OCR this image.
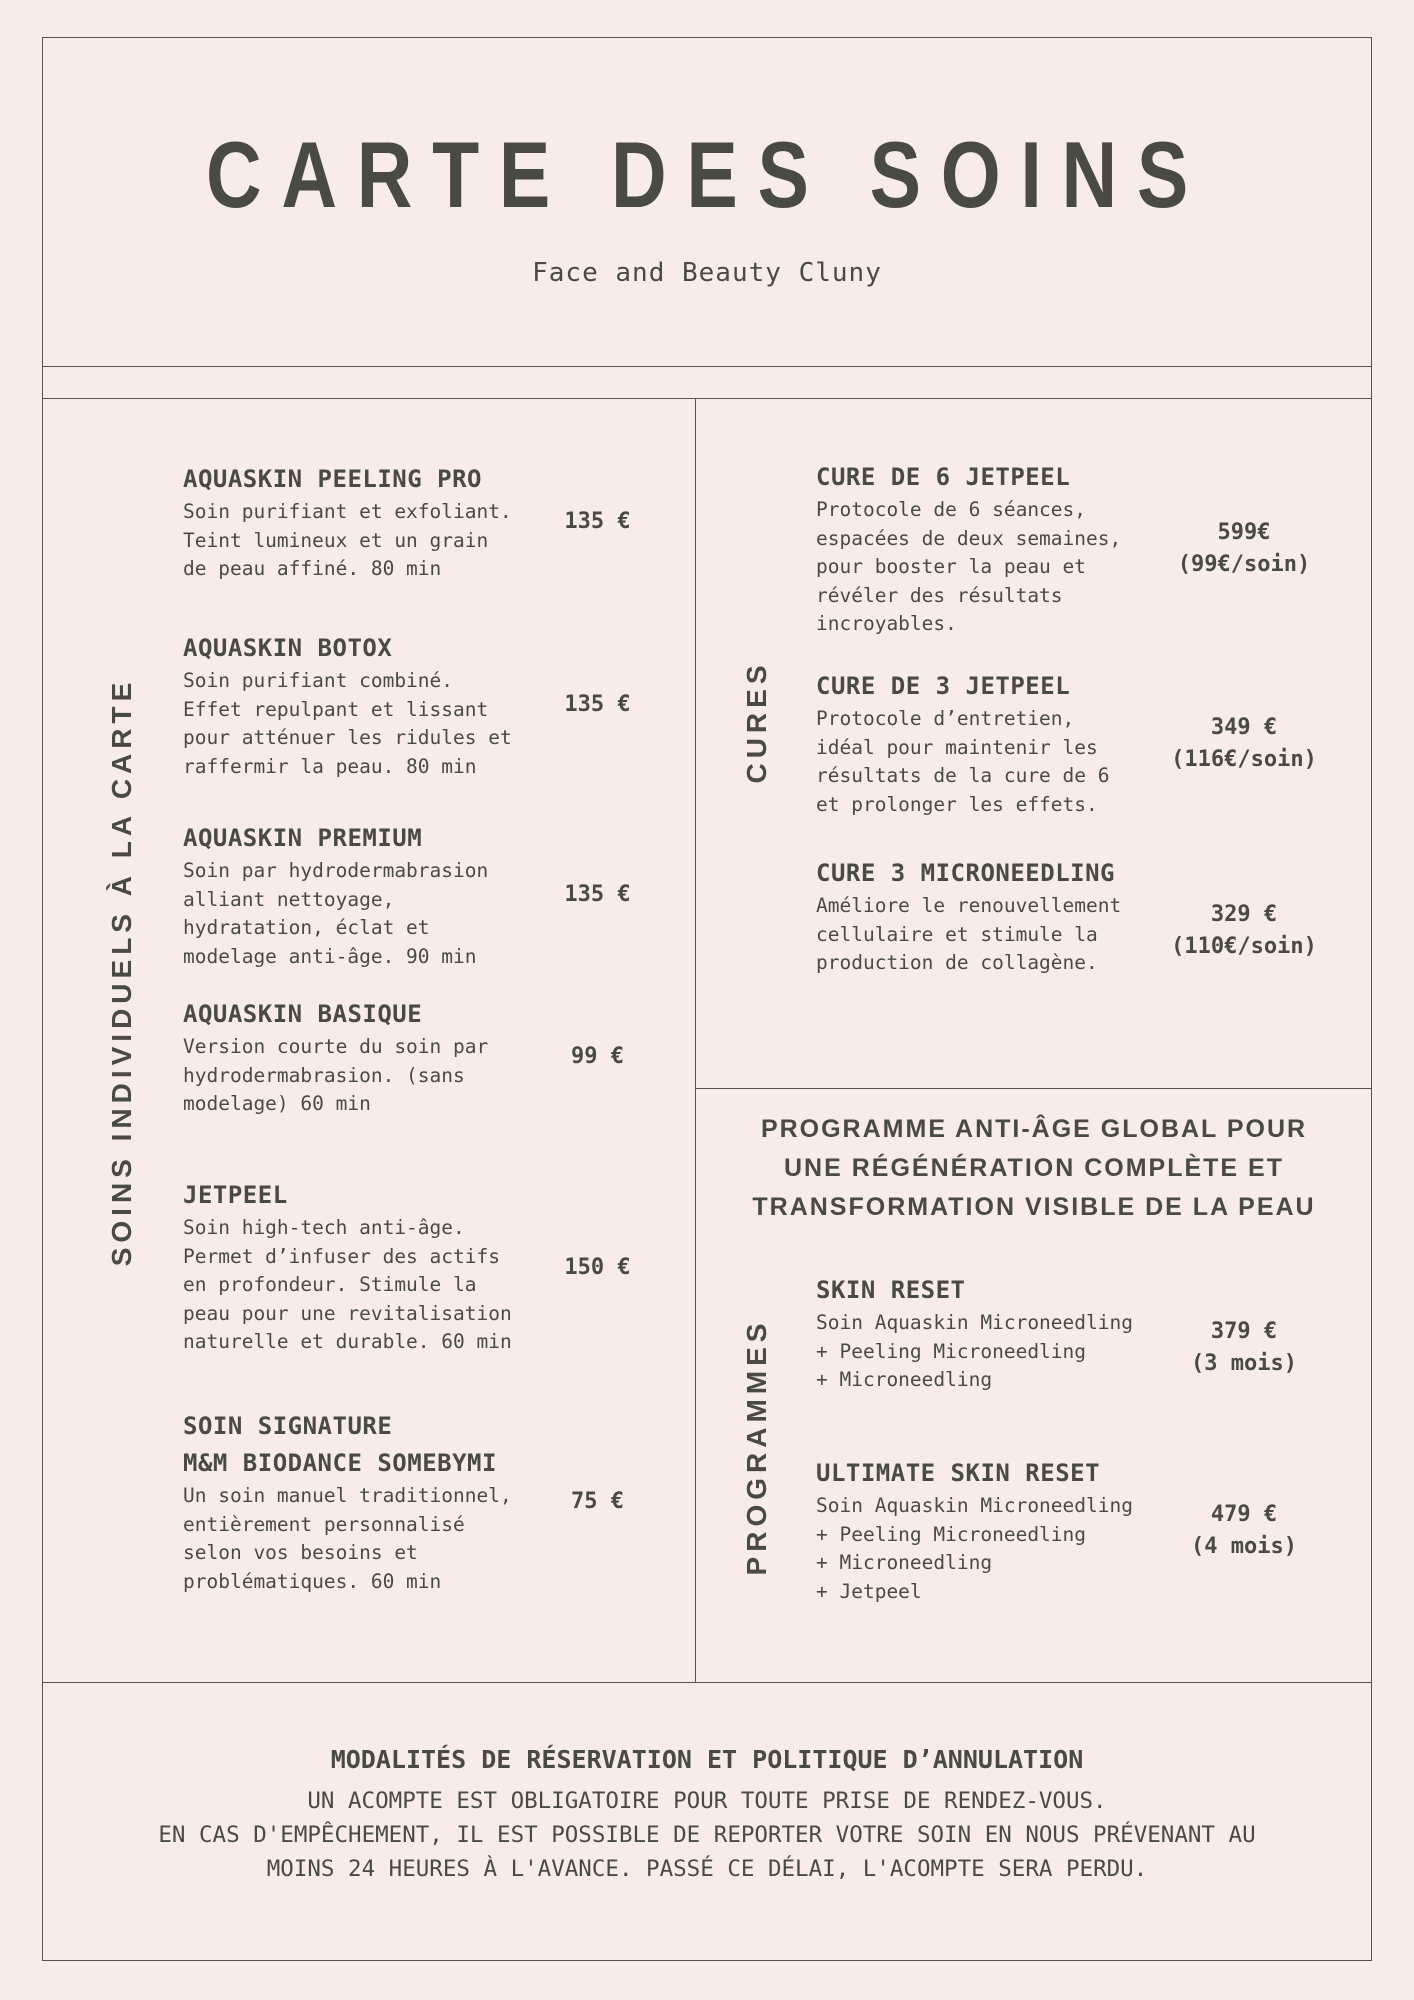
CARTE DES SOINS
Face and Beauty Cluny
SOINS INDIVIDUELS À LA CARTE	CURES
PROGRAMMES
AQUASKIN PEELING PRO
Soin purifiant et exfoliant.
Teint lumineux et un grain
de peau affiné. 80 min
135 €
AQUASKIN BOTOX
Soin purifiant combiné.
Effet repulpant et lissant
pour atténuer les ridules et
raffermir la peau. 80 min
135 €
AQUASKIN PREMIUM
Soin par hydrodermabrasion
alliant nettoyage,
hydratation, éclat et
modelage anti-âge. 90 min
135 €
AQUASKIN BASIQUE
Version courte du soin par
hydrodermabrasion. (sans
modelage) 60 min
99 €
JETPEEL
Soin high-tech anti-âge.
Permet d’infuser des actifs
en profondeur. Stimule la
peau pour une revitalisation
naturelle et durable. 60 min
150 €
SOIN SIGNATURE
M&M BIODANCE SOMEBYMI
Un soin manuel traditionnel,
entièrement personnalisé
selon vos besoins et
problématiques. 60 min
75 €
CURE DE 6 JETPEEL
Protocole de 6 séances,
espacées de deux semaines,
pour booster la peau et
révéler des résultats
incroyables.
599€
(99€/soin)
CURE DE 3 JETPEEL
Protocole d’entretien,
idéal pour maintenir les
résultats de la cure de 6
et prolonger les effets.
349 €
(116€/soin)
CURE 3 MICRONEEDLING
Améliore le renouvellement
cellulaire et stimule la
production de collagène.
329 €
(110€/soin)
PROGRAMME ANTI-ÂGE GLOBAL POUR
UNE RÉGÉNÉRATION COMPLÈTE ET
TRANSFORMATION VISIBLE DE LA PEAU
SKIN RESET
Soin Aquaskin Microneedling
+ Peeling Microneedling
+ Microneedling
379 €
(3 mois)
ULTIMATE SKIN RESET
Soin Aquaskin Microneedling
+ Peeling Microneedling
+ Microneedling
+ Jetpeel
479 €
(4 mois)
MODALITÉS DE RÉSERVATION ET POLITIQUE D’ANNULATION
UN ACOMPTE EST OBLIGATOIRE POUR TOUTE PRISE DE RENDEZ-VOUS.
EN CAS D'EMPÊCHEMENT, IL EST POSSIBLE DE REPORTER VOTRE SOIN EN NOUS PRÉVENANT AU
MOINS 24 HEURES À L'AVANCE. PASSÉ CE DÉLAI, L'ACOMPTE SERA PERDU.
